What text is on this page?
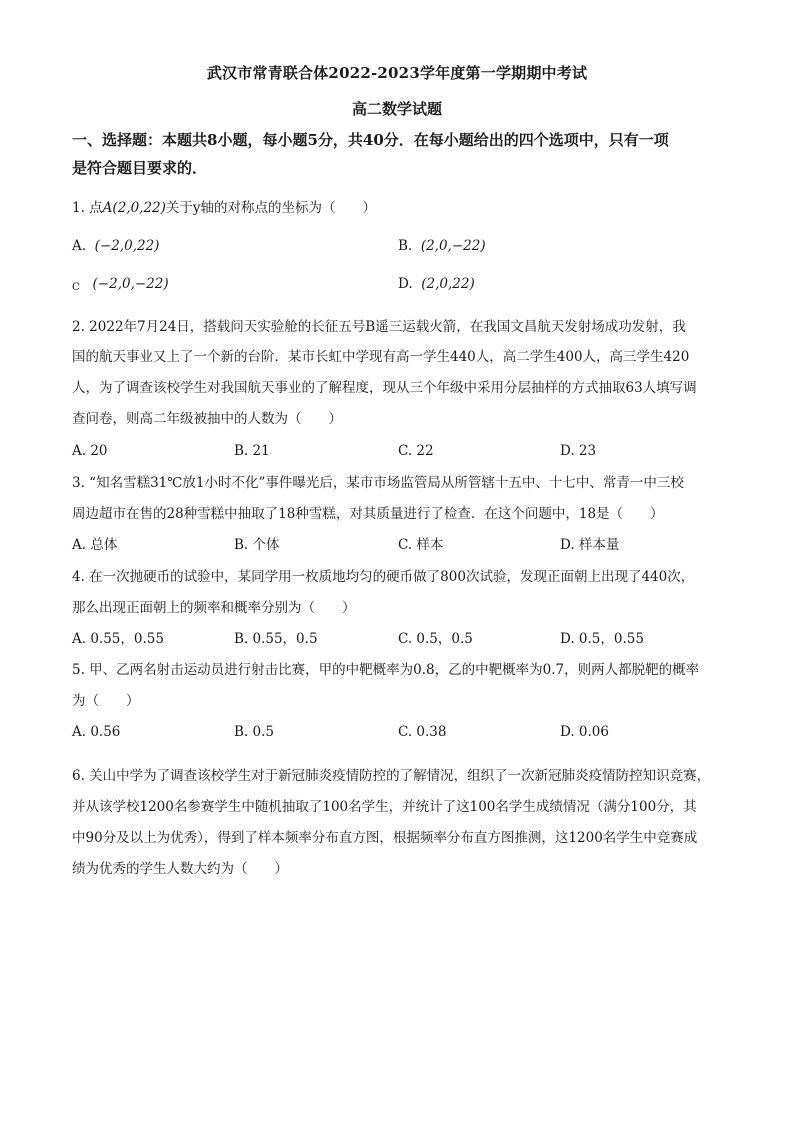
武汉市常青联合体2022-2023学年度第一学期期中考试
高二数学试题
一、选择题：本题共8小题，每小题5分，共40分．在每小题给出的四个选项中，只有一项
是符合题目要求的．
1. 点A(2,0,22)关于y轴的对称点的坐标为（　　）
A. (−2,0,22)	B. (2,0,−22)
C (−2,0,−22)	D. (2,0,22)
2. 2022年7月24日，搭载问天实验舱的长征五号B遥三运载火箭，在我国文昌航天发射场成功发射，我
国的航天事业又上了一个新的台阶．某市长虹中学现有高一学生440人，高二学生400人，高三学生420
人，为了调查该校学生对我国航天事业的了解程度，现从三个年级中采用分层抽样的方式抽取63人填写调
查问卷，则高二年级被抽中的人数为（　　）
A. 20	B. 21	C. 22	D. 23
3. “知名雪糕31℃放1小时不化”事件曝光后，某市市场监管局从所管辖十五中、十七中、常青一中三校
周边超市在售的28种雪糕中抽取了18种雪糕，对其质量进行了检查．在这个问题中，18是（　　）
A. 总体	B. 个体	C. 样本	D. 样本量
4. 在一次抛硬币的试验中，某同学用一枚质地均匀的硬币做了800次试验，发现正面朝上出现了440次，
那么出现正面朝上的频率和概率分别为（　　）
A. 0.55，0.55	B. 0.55，0.5	C. 0.5，0.5	D. 0.5，0.55
5. 甲、乙两名射击运动员进行射击比赛，甲的中靶概率为0.8，乙的中靶概率为0.7，则两人都脱靶的概率
为（　　）
A. 0.56	B. 0.5	C. 0.38	D. 0.06
6. 关山中学为了调查该校学生对于新冠肺炎疫情防控的了解情况，组织了一次新冠肺炎疫情防控知识竞赛，
并从该学校1200名参赛学生中随机抽取了100名学生，并统计了这100名学生成绩情况（满分100分，其
中90分及以上为优秀），得到了样本频率分布直方图，根据频率分布直方图推测，这1200名学生中竞赛成
绩为优秀的学生人数大约为（　　）
